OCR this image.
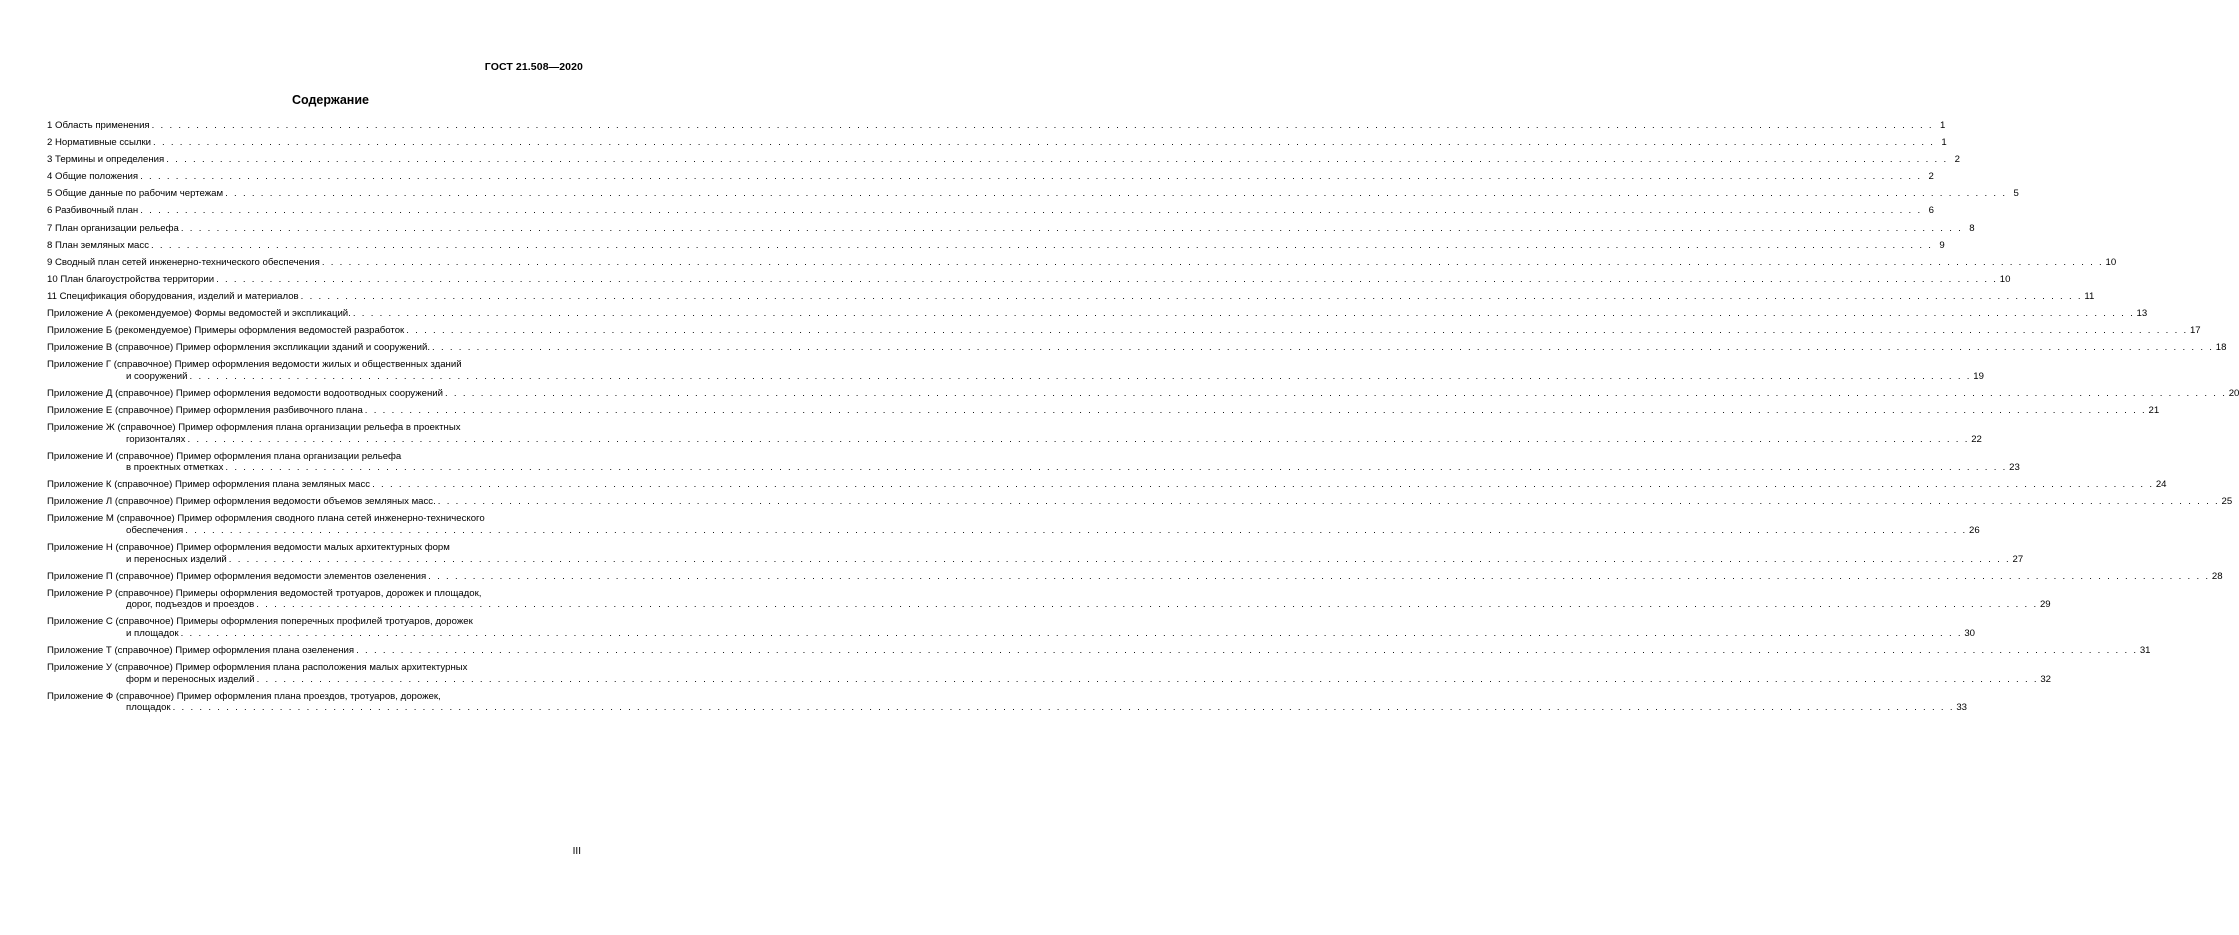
ГОСТ 21.508—2020
Содержание
1 Область применения . . . . . . . . . . . . . . . . . . . . . . . . . . . . . . . . . . . . . . . . . . . . . . . . . . . . . . . . . . . . . . . . . . . . . . . . . . . . . . . . . . . . . . . . . . . . . . . . . . . . . . . . . . . . . . . . . . . . . . . . . . . . . . . . . . . . . . . . . . . . . . . . . . . . . . . . . . . . . . . . . . . . . . . . . . . . . . . . . . . . . . . . . . . . . . . . . . . . . . . . 1
2 Нормативные ссылки . . . . . . . . . . . . . . . . . . . . . . . . . . . . . . . . . . . . . . . . . . . . . . . . . . . . . . . . . . . . . . . . . . . . . . . . . . . . . . . . . . . . . . . . . . . . . . . . . . . . . . . . . . . . . . . . . . . . . . . . . . . . . . . . . . . . . . . . . . . . . . . . . . . . . . . . . . . . . . . . . . . . . . . . . . . . . . . . . . . . . . . . . . . . . . . . . . . . . . . . 1
3 Термины и определения . . . . . . . . . . . . . . . . . . . . . . . . . . . . . . . . . . . . . . . . . . . . . . . . . . . . . . . . . . . . . . . . . . . . . . . . . . . . . . . . . . . . . . . . . . . . . . . . . . . . . . . . . . . . . . . . . . . . . . . . . . . . . . . . . . . . . . . . . . . . . . . . . . . . . . . . . . . . . . . . . . . . . . . . . . . . . . . . . . . . . . . . . . . . . . . . . . . . . . . . 2
4 Общие положения . . . . . . . . . . . . . . . . . . . . . . . . . . . . . . . . . . . . . . . . . . . . . . . . . . . . . . . . . . . . . . . . . . . . . . . . . . . . . . . . . . . . . . . . . . . . . . . . . . . . . . . . . . . . . . . . . . . . . . . . . . . . . . . . . . . . . . . . . . . . . . . . . . . . . . . . . . . . . . . . . . . . . . . . . . . . . . . . . . . . . . . . . . . . . . . . . . . . . . . . 2
5 Общие данные по рабочим чертежам . . . . . . . . . . . . . . . . . . . . . . . . . . . . . . . . . . . . . . . . . . . . . . . . . . . . . . . . . . . . . . . . . . . . . . . . . . . . . . . . . . . . . . . . . . . . . . . . . . . . . . . . . . . . . . . . . . . . . . . . . . . . . . . . . . . . . . . . . . . . . . . . . . . . . . . . . . . . . . . . . . . . . . . . . . . . . . . . . . . . . . . . . . . . . . . . . . . . . . . . 5
6 Разбивочный план . . . . . . . . . . . . . . . . . . . . . . . . . . . . . . . . . . . . . . . . . . . . . . . . . . . . . . . . . . . . . . . . . . . . . . . . . . . . . . . . . . . . . . . . . . . . . . . . . . . . . . . . . . . . . . . . . . . . . . . . . . . . . . . . . . . . . . . . . . . . . . . . . . . . . . . . . . . . . . . . . . . . . . . . . . . . . . . . . . . . . . . . . . . . . . . . . . . . . . . . 6
7 План организации рельефа . . . . . . . . . . . . . . . . . . . . . . . . . . . . . . . . . . . . . . . . . . . . . . . . . . . . . . . . . . . . . . . . . . . . . . . . . . . . . . . . . . . . . . . . . . . . . . . . . . . . . . . . . . . . . . . . . . . . . . . . . . . . . . . . . . . . . . . . . . . . . . . . . . . . . . . . . . . . . . . . . . . . . . . . . . . . . . . . . . . . . . . . . . . . . . . . . . . . . . . . 8
8 План земляных масс . . . . . . . . . . . . . . . . . . . . . . . . . . . . . . . . . . . . . . . . . . . . . . . . . . . . . . . . . . . . . . . . . . . . . . . . . . . . . . . . . . . . . . . . . . . . . . . . . . . . . . . . . . . . . . . . . . . . . . . . . . . . . . . . . . . . . . . . . . . . . . . . . . . . . . . . . . . . . . . . . . . . . . . . . . . . . . . . . . . . . . . . . . . . . . . . . . . . . . . . 9
9 Сводный план сетей инженерно-технического обеспечения . . . . . . . . . . . . . . . . . . . . . . . . . . . . . . . . . . . . . . . . . . . . . . . . . . . . . . . . . . . . . . . . . . . . . . . . . . . . . . . . . . . . . . . . . . . . . . . . . . . . . . . . . . . . . . . . . . . . . . . . . . . . . . . . . . . . . . . . . . . . . . . . . . . . . . . . . . . . . . . . . . . . . . . . . . . . . . . . . . . . . . . . . . . . . . . . . . . . . . . . 10
10 План благоустройства территории . . . . . . . . . . . . . . . . . . . . . . . . . . . . . . . . . . . . . . . . . . . . . . . . . . . . . . . . . . . . . . . . . . . . . . . . . . . . . . . . . . . . . . . . . . . . . . . . . . . . . . . . . . . . . . . . . . . . . . . . . . . . . . . . . . . . . . . . . . . . . . . . . . . . . . . . . . . . . . . . . . . . . . . . . . . . . . . . . . . . . . . . . . . . . . . . . . . . . . . . 10
11 Спецификация оборудования, изделий и материалов . . . . . . . . . . . . . . . . . . . . . . . . . . . . . . . . . . . . . . . . . . . . . . . . . . . . . . . . . . . . . . . . . . . . . . . . . . . . . . . . . . . . . . . . . . . . . . . . . . . . . . . . . . . . . . . . . . . . . . . . . . . . . . . . . . . . . . . . . . . . . . . . . . . . . . . . . . . . . . . . . . . . . . . . . . . . . . . . . . . . . . . . . . . . . . . . . . . . . . . . 11
Приложение А (рекомендуемое) Формы ведомостей и экспликаций. . . . . . . . . . . . . . . . . . . . . . . . . . . . . . . . . . . . . . . . . . . . . . . . . . . . . . . . . . . . . . . . . . . . . . . . . . . . . . . . . . . . . . . . . . . . . . . . . . . . . . . . . . . . . . . . . . . . . . . . . . . . . . . . . . . . . . . . . . . . . . . . . . . . . . . . . . . . . . . . . . . . . . . . . . . . . . . . . . . . . . . . . . . . . . . . . . . . . . . . . 13
Приложение Б (рекомендуемое) Примеры оформления ведомостей разработок . . . . . . . . . . . . . . . . . . . . . . . . . . . . . . . . . . . . . . . . . . . . . . . . . . . . . . . . . . . . . . . . . . . . . . . . . . . . . . . . . . . . . . . . . . . . . . . . . . . . . . . . . . . . . . . . . . . . . . . . . . . . . . . . . . . . . . . . . . . . . . . . . . . . . . . . . . . . . . . . . . . . . . . . . . . . . . . . . . . . . . . . . . . . . . . . . . . . . . . . 17
Приложение В (справочное) Пример оформления экспликации зданий и сооружений. . . . . . . . . . . . . . . . . . . . . . . . . . . . . . . . . . . . . . . . . . . . . . . . . . . . . . . . . . . . . . . . . . . . . . . . . . . . . . . . . . . . . . . . . . . . . . . . . . . . . . . . . . . . . . . . . . . . . . . . . . . . . . . . . . . . . . . . . . . . . . . . . . . . . . . . . . . . . . . . . . . . . . . . . . . . . . . . . . . . . . . . . . . . . . . . . . . . . . . . . 18
Приложение Г (справочное) Пример оформления ведомости жилых и общественных зданий
и сооружений . . . . . . . . . . . . . . . . . . . . . . . . . . . . . . . . . . . . . . . . . . . . . . . . . . . . . . . . . . . . . . . . . . . . . . . . . . . . . . . . . . . . . . . . . . . . . . . . . . . . . . . . . . . . . . . . . . . . . . . . . . . . . . . . . . . . . . . . . . . . . . . . . . . . . . . . . . . . . . . . . . . . . . . . . . . . . . . . . . . . . . . . . . . . . . . . . . . . . . . . 19
Приложение Д (справочное) Пример оформления ведомости водоотводных сооружений . . . . . . . . . . . . . . . . . . . . . . . . . . . . . . . . . . . . . . . . . . . . . . . . . . . . . . . . . . . . . . . . . . . . . . . . . . . . . . . . . . . . . . . . . . . . . . . . . . . . . . . . . . . . . . . . . . . . . . . . . . . . . . . . . . . . . . . . . . . . . . . . . . . . . . . . . . . . . . . . . . . . . . . . . . . . . . . . . . . . . . . . . . . . . . . . . . . . . . . . 20
Приложение Е (справочное) Пример оформления разбивочного плана . . . . . . . . . . . . . . . . . . . . . . . . . . . . . . . . . . . . . . . . . . . . . . . . . . . . . . . . . . . . . . . . . . . . . . . . . . . . . . . . . . . . . . . . . . . . . . . . . . . . . . . . . . . . . . . . . . . . . . . . . . . . . . . . . . . . . . . . . . . . . . . . . . . . . . . . . . . . . . . . . . . . . . . . . . . . . . . . . . . . . . . . . . . . . . . . . . . . . . . . 21
Приложение Ж (справочное) Пример оформления плана организации рельефа в проектных
горизонталях . . . . . . . . . . . . . . . . . . . . . . . . . . . . . . . . . . . . . . . . . . . . . . . . . . . . . . . . . . . . . . . . . . . . . . . . . . . . . . . . . . . . . . . . . . . . . . . . . . . . . . . . . . . . . . . . . . . . . . . . . . . . . . . . . . . . . . . . . . . . . . . . . . . . . . . . . . . . . . . . . . . . . . . . . . . . . . . . . . . . . . . . . . . . . . . . . . . . . . . . 22
Приложение И (справочное) Пример оформления плана организации рельефа
в проектных отметках . . . . . . . . . . . . . . . . . . . . . . . . . . . . . . . . . . . . . . . . . . . . . . . . . . . . . . . . . . . . . . . . . . . . . . . . . . . . . . . . . . . . . . . . . . . . . . . . . . . . . . . . . . . . . . . . . . . . . . . . . . . . . . . . . . . . . . . . . . . . . . . . . . . . . . . . . . . . . . . . . . . . . . . . . . . . . . . . . . . . . . . . . . . . . . . . . . . . . . . . 23
Приложение К (справочное) Пример оформления плана земляных масс . . . . . . . . . . . . . . . . . . . . . . . . . . . . . . . . . . . . . . . . . . . . . . . . . . . . . . . . . . . . . . . . . . . . . . . . . . . . . . . . . . . . . . . . . . . . . . . . . . . . . . . . . . . . . . . . . . . . . . . . . . . . . . . . . . . . . . . . . . . . . . . . . . . . . . . . . . . . . . . . . . . . . . . . . . . . . . . . . . . . . . . . . . . . . . . . . . . . . . . . 24
Приложение Л (справочное) Пример оформления ведомости объемов земляных масс. . . . . . . . . . . . . . . . . . . . . . . . . . . . . . . . . . . . . . . . . . . . . . . . . . . . . . . . . . . . . . . . . . . . . . . . . . . . . . . . . . . . . . . . . . . . . . . . . . . . . . . . . . . . . . . . . . . . . . . . . . . . . . . . . . . . . . . . . . . . . . . . . . . . . . . . . . . . . . . . . . . . . . . . . . . . . . . . . . . . . . . . . . . . . . . . . . . . . . . . . 25
Приложение М (справочное) Пример оформления сводного плана сетей инженерно-технического
обеспечения . . . . . . . . . . . . . . . . . . . . . . . . . . . . . . . . . . . . . . . . . . . . . . . . . . . . . . . . . . . . . . . . . . . . . . . . . . . . . . . . . . . . . . . . . . . . . . . . . . . . . . . . . . . . . . . . . . . . . . . . . . . . . . . . . . . . . . . . . . . . . . . . . . . . . . . . . . . . . . . . . . . . . . . . . . . . . . . . . . . . . . . . . . . . . . . . . . . . . . . . 26
Приложение Н (справочное) Пример оформления ведомости малых архитектурных форм
и переносных изделий . . . . . . . . . . . . . . . . . . . . . . . . . . . . . . . . . . . . . . . . . . . . . . . . . . . . . . . . . . . . . . . . . . . . . . . . . . . . . . . . . . . . . . . . . . . . . . . . . . . . . . . . . . . . . . . . . . . . . . . . . . . . . . . . . . . . . . . . . . . . . . . . . . . . . . . . . . . . . . . . . . . . . . . . . . . . . . . . . . . . . . . . . . . . . . . . . . . . . . . . 27
Приложение П (справочное) Пример оформления ведомости элементов озеленения . . . . . . . . . . . . . . . . . . . . . . . . . . . . . . . . . . . . . . . . . . . . . . . . . . . . . . . . . . . . . . . . . . . . . . . . . . . . . . . . . . . . . . . . . . . . . . . . . . . . . . . . . . . . . . . . . . . . . . . . . . . . . . . . . . . . . . . . . . . . . . . . . . . . . . . . . . . . . . . . . . . . . . . . . . . . . . . . . . . . . . . . . . . . . . . . . . . . . . . . 28
Приложение Р (справочное) Примеры оформления ведомостей тротуаров, дорожек и площадок,
дорог, подъездов и проездов . . . . . . . . . . . . . . . . . . . . . . . . . . . . . . . . . . . . . . . . . . . . . . . . . . . . . . . . . . . . . . . . . . . . . . . . . . . . . . . . . . . . . . . . . . . . . . . . . . . . . . . . . . . . . . . . . . . . . . . . . . . . . . . . . . . . . . . . . . . . . . . . . . . . . . . . . . . . . . . . . . . . . . . . . . . . . . . . . . . . . . . . . . . . . . . . . . . . . . . . 29
Приложение С (справочное) Примеры оформления поперечных профилей тротуаров, дорожек
и площадок . . . . . . . . . . . . . . . . . . . . . . . . . . . . . . . . . . . . . . . . . . . . . . . . . . . . . . . . . . . . . . . . . . . . . . . . . . . . . . . . . . . . . . . . . . . . . . . . . . . . . . . . . . . . . . . . . . . . . . . . . . . . . . . . . . . . . . . . . . . . . . . . . . . . . . . . . . . . . . . . . . . . . . . . . . . . . . . . . . . . . . . . . . . . . . . . . . . . . . . . 30
Приложение Т (справочное) Пример оформления плана озеленения . . . . . . . . . . . . . . . . . . . . . . . . . . . . . . . . . . . . . . . . . . . . . . . . . . . . . . . . . . . . . . . . . . . . . . . . . . . . . . . . . . . . . . . . . . . . . . . . . . . . . . . . . . . . . . . . . . . . . . . . . . . . . . . . . . . . . . . . . . . . . . . . . . . . . . . . . . . . . . . . . . . . . . . . . . . . . . . . . . . . . . . . . . . . . . . . . . . . . . . . 31
Приложение У (справочное) Пример оформления плана расположения малых архитектурных
форм и переносных изделий . . . . . . . . . . . . . . . . . . . . . . . . . . . . . . . . . . . . . . . . . . . . . . . . . . . . . . . . . . . . . . . . . . . . . . . . . . . . . . . . . . . . . . . . . . . . . . . . . . . . . . . . . . . . . . . . . . . . . . . . . . . . . . . . . . . . . . . . . . . . . . . . . . . . . . . . . . . . . . . . . . . . . . . . . . . . . . . . . . . . . . . . . . . . . . . . . . . . . . . . 32
Приложение Ф (справочное) Пример оформления плана проездов, тротуаров, дорожек,
площадок . . . . . . . . . . . . . . . . . . . . . . . . . . . . . . . . . . . . . . . . . . . . . . . . . . . . . . . . . . . . . . . . . . . . . . . . . . . . . . . . . . . . . . . . . . . . . . . . . . . . . . . . . . . . . . . . . . . . . . . . . . . . . . . . . . . . . . . . . . . . . . . . . . . . . . . . . . . . . . . . . . . . . . . . . . . . . . . . . . . . . . . . . . . . . . . . . . . . . . . . 33
III
